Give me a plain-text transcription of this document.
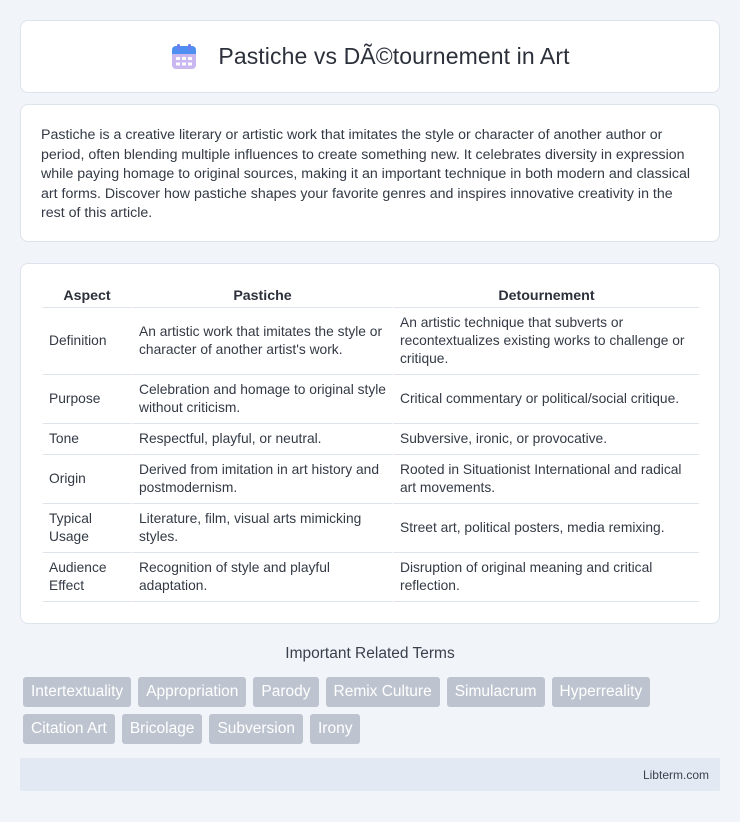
Pastiche vs DÃ©tournement in Art

Pastiche is a creative literary or artistic work that imitates the style or character of another author or period, often blending multiple influences to create something new. It celebrates diversity in expression while paying homage to original sources, making it an important technique in both modern and classical art forms. Discover how pastiche shapes your favorite genres and inspires innovative creativity in the rest of this article.

Aspect	Pastiche	Detournement
Definition	An artistic work that imitates the style or character of another artist's work.	An artistic technique that subverts or recontextualizes existing works to challenge or critique.
Purpose	Celebration and homage to original style without criticism.	Critical commentary or political/social critique.
Tone	Respectful, playful, or neutral.	Subversive, ironic, or provocative.
Origin	Derived from imitation in art history and postmodernism.	Rooted in Situationist International and radical art movements.
Typical Usage	Literature, film, visual arts mimicking styles.	Street art, political posters, media remixing.
Audience Effect	Recognition of style and playful adaptation.	Disruption of original meaning and critical reflection.
Important Related Terms
Intertextuality	Appropriation	Parody	Remix Culture	Simulacrum	Hyperreality
Citation Art	Bricolage	Subversion	Irony
Libterm.com
